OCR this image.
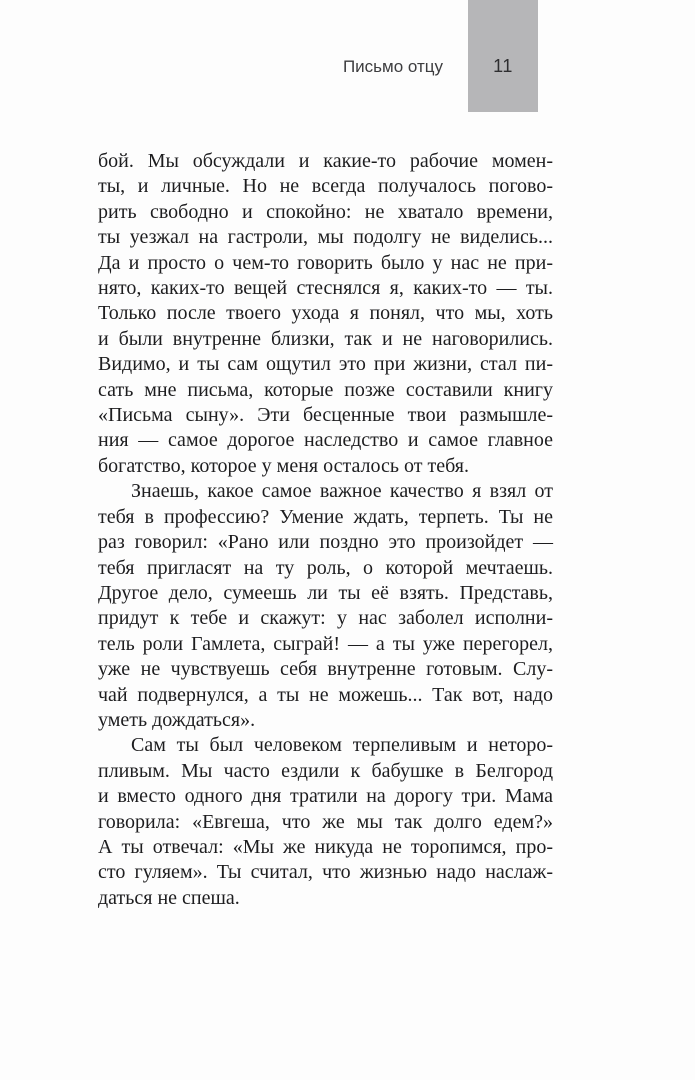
11
Письмо отцу
бой. Мы обсуждали и какие-то рабочие момен-
ты, и личные. Но не всегда получалось погово-
рить свободно и спокойно: не хватало времени,
ты уезжал на гастроли, мы подолгу не виделись...
Да и просто о чем-то говорить было у нас не при-
нято, каких-то вещей стеснялся я, каких-то — ты.
Только после твоего ухода я понял, что мы, хоть
и были внутренне близки, так и не наговорились.
Видимо, и ты сам ощутил это при жизни, стал пи-
сать мне письма, которые позже составили книгу
«Письма сыну». Эти бесценные твои размышле-
ния — самое дорогое наследство и самое главное
богатство, которое у меня осталось от тебя.
Знаешь, какое самое важное качество я взял от
тебя в профессию? Умение ждать, терпеть. Ты не
раз говорил: «Рано или поздно это произойдет —
тебя пригласят на ту роль, о которой мечтаешь.
Другое дело, сумеешь ли ты её взять. Представь,
придут к тебе и скажут: у нас заболел исполни-
тель роли Гамлета, сыграй! — а ты уже перегорел,
уже не чувствуешь себя внутренне готовым. Слу-
чай подвернулся, а ты не можешь... Так вот, надо
уметь дождаться».
Сам ты был человеком терпеливым и неторо-
пливым. Мы часто ездили к бабушке в Белгород
и вместо одного дня тратили на дорогу три. Мама
говорила: «Евгеша, что же мы так долго едем?»
А ты отвечал: «Мы же никуда не торопимся, про-
сто гуляем». Ты считал, что жизнью надо наслаж-
даться не спеша.
